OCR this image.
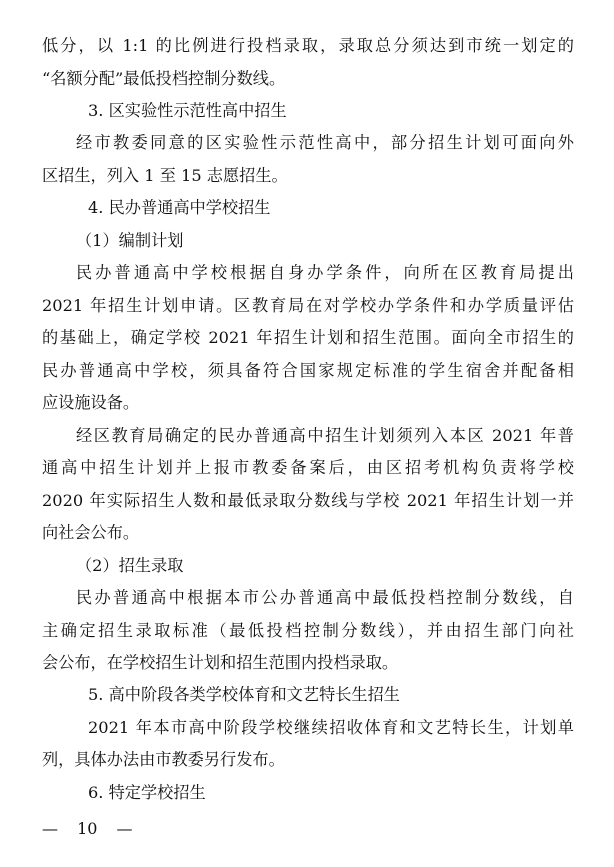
低分，以 1:1 的比例进行投档录取，录取总分须达到市统一划定的
“名额分配”最低投档控制分数线。
3. 区实验性示范性高中招生
经市教委同意的区实验性示范性高中，部分招生计划可面向外
区招生，列入 1 至 15 志愿招生。
4. 民办普通高中学校招生
（1）编制计划
民办普通高中学校根据自身办学条件，向所在区教育局提出
2021 年招生计划申请。区教育局在对学校办学条件和办学质量评估
的基础上，确定学校 2021 年招生计划和招生范围。面向全市招生的
民办普通高中学校，须具备符合国家规定标准的学生宿舍并配备相
应设施设备。
经区教育局确定的民办普通高中招生计划须列入本区 2021 年普
通高中招生计划并上报市教委备案后，由区招考机构负责将学校
2020 年实际招生人数和最低录取分数线与学校 2021 年招生计划一并
向社会公布。
（2）招生录取
民办普通高中根据本市公办普通高中最低投档控制分数线，自
主确定招生录取标准（最低投档控制分数线），并由招生部门向社
会公布，在学校招生计划和招生范围内投档录取。
5. 高中阶段各类学校体育和文艺特长生招生
2021 年本市高中阶段学校继续招收体育和文艺特长生，计划单
列，具体办法由市教委另行发布。
6. 特定学校招生
— 10 —
